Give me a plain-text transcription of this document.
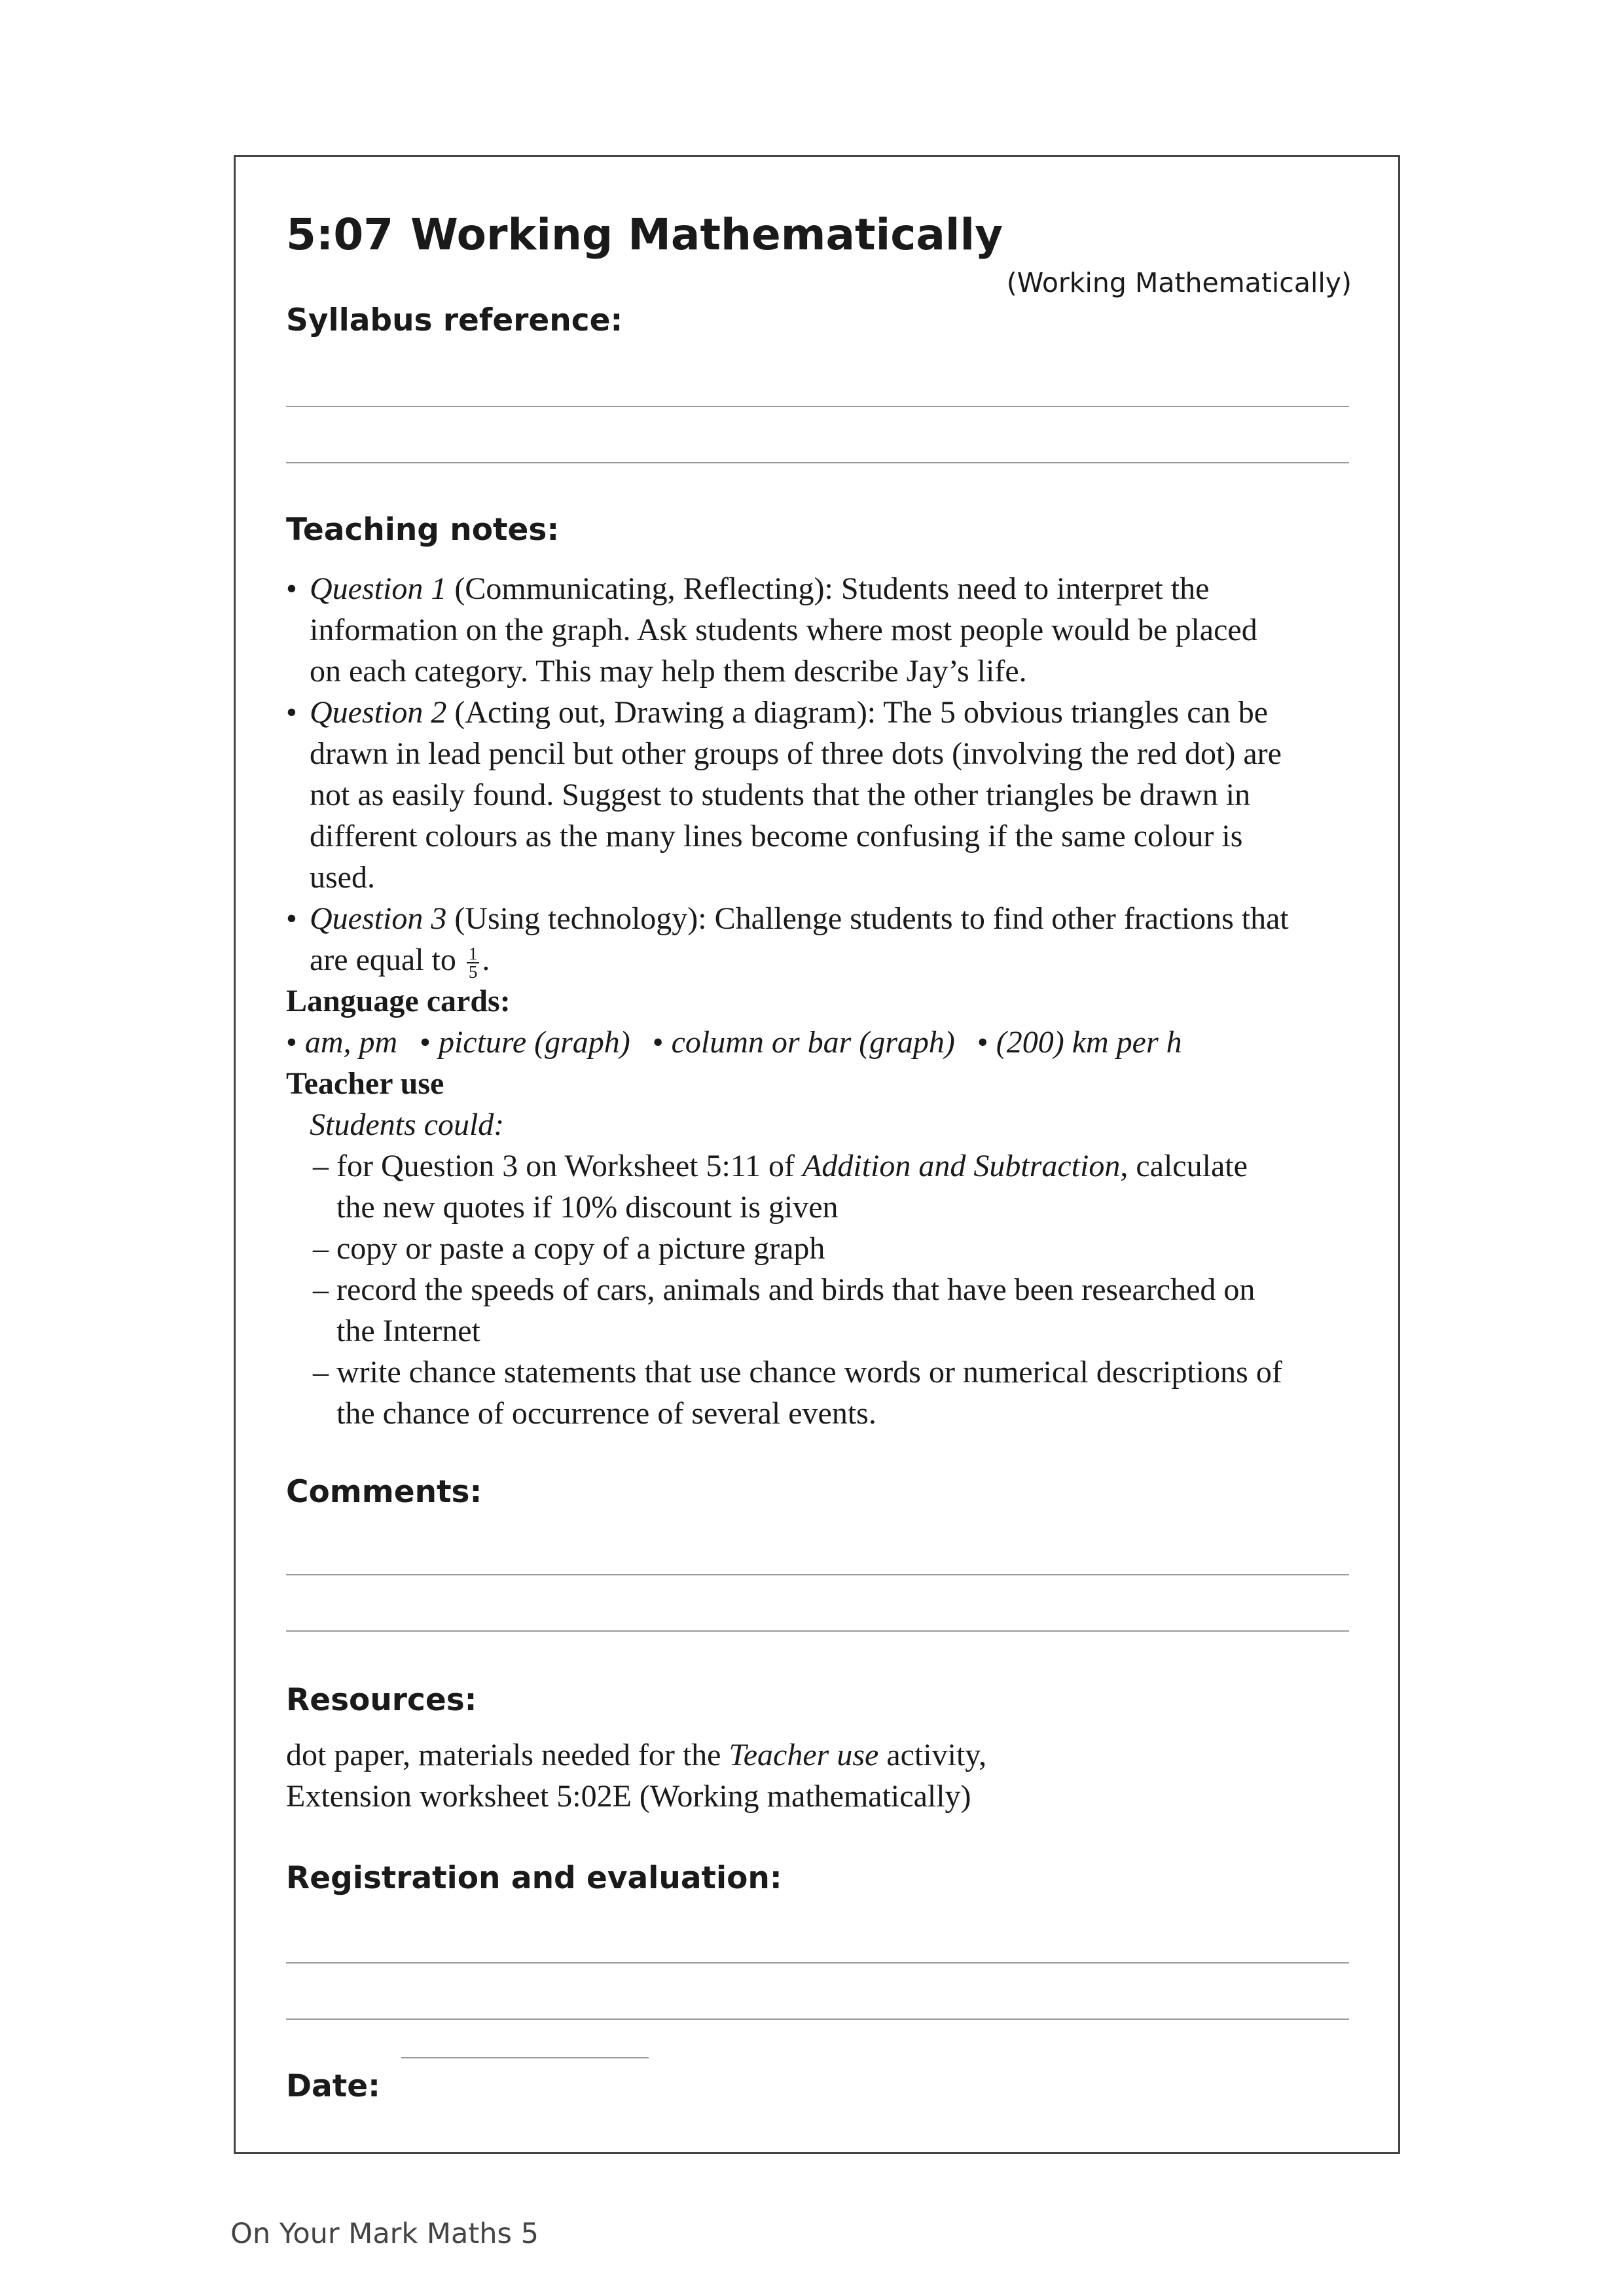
5:07 Working Mathematically
(Working Mathematically)
Syllabus reference:
Teaching notes:

• Question 1 (Communicating, Reflecting): Students need to interpret the
information on the graph. Ask students where most people would be placed
on each category. This may help them describe Jay’s life.

• Question 2 (Acting out, Drawing a diagram): The 5 obvious triangles can be
drawn in lead pencil but other groups of three dots (involving the red dot) are
not as easily found. Suggest to students that the other triangles be drawn in
different colours as the many lines become confusing if the same colour is
used.

• Question 3 (Using technology): Challenge students to find other fractions that
are equal to $\frac{1}{5}$ .

Language cards:

• am, pm • picture (graph) • column or bar (graph) • (200) km per h

Teacher use

Students could:

– for Question 3 on Worksheet 5:11 of Addition and Subtraction, calculate
the new quotes if 10% discount is given

– copy or paste a copy of a picture graph

– record the speeds of cars, animals and birds that have been researched on
the Internet

– write chance statements that use chance words or numerical descriptions of
the chance of occurrence of several events.

Comments:
Resources:

dot paper, materials needed for the Teacher use activity,

Extension worksheet 5:02E (Working mathematically)

Registration and evaluation:
Date:
On Your Mark Maths 5
